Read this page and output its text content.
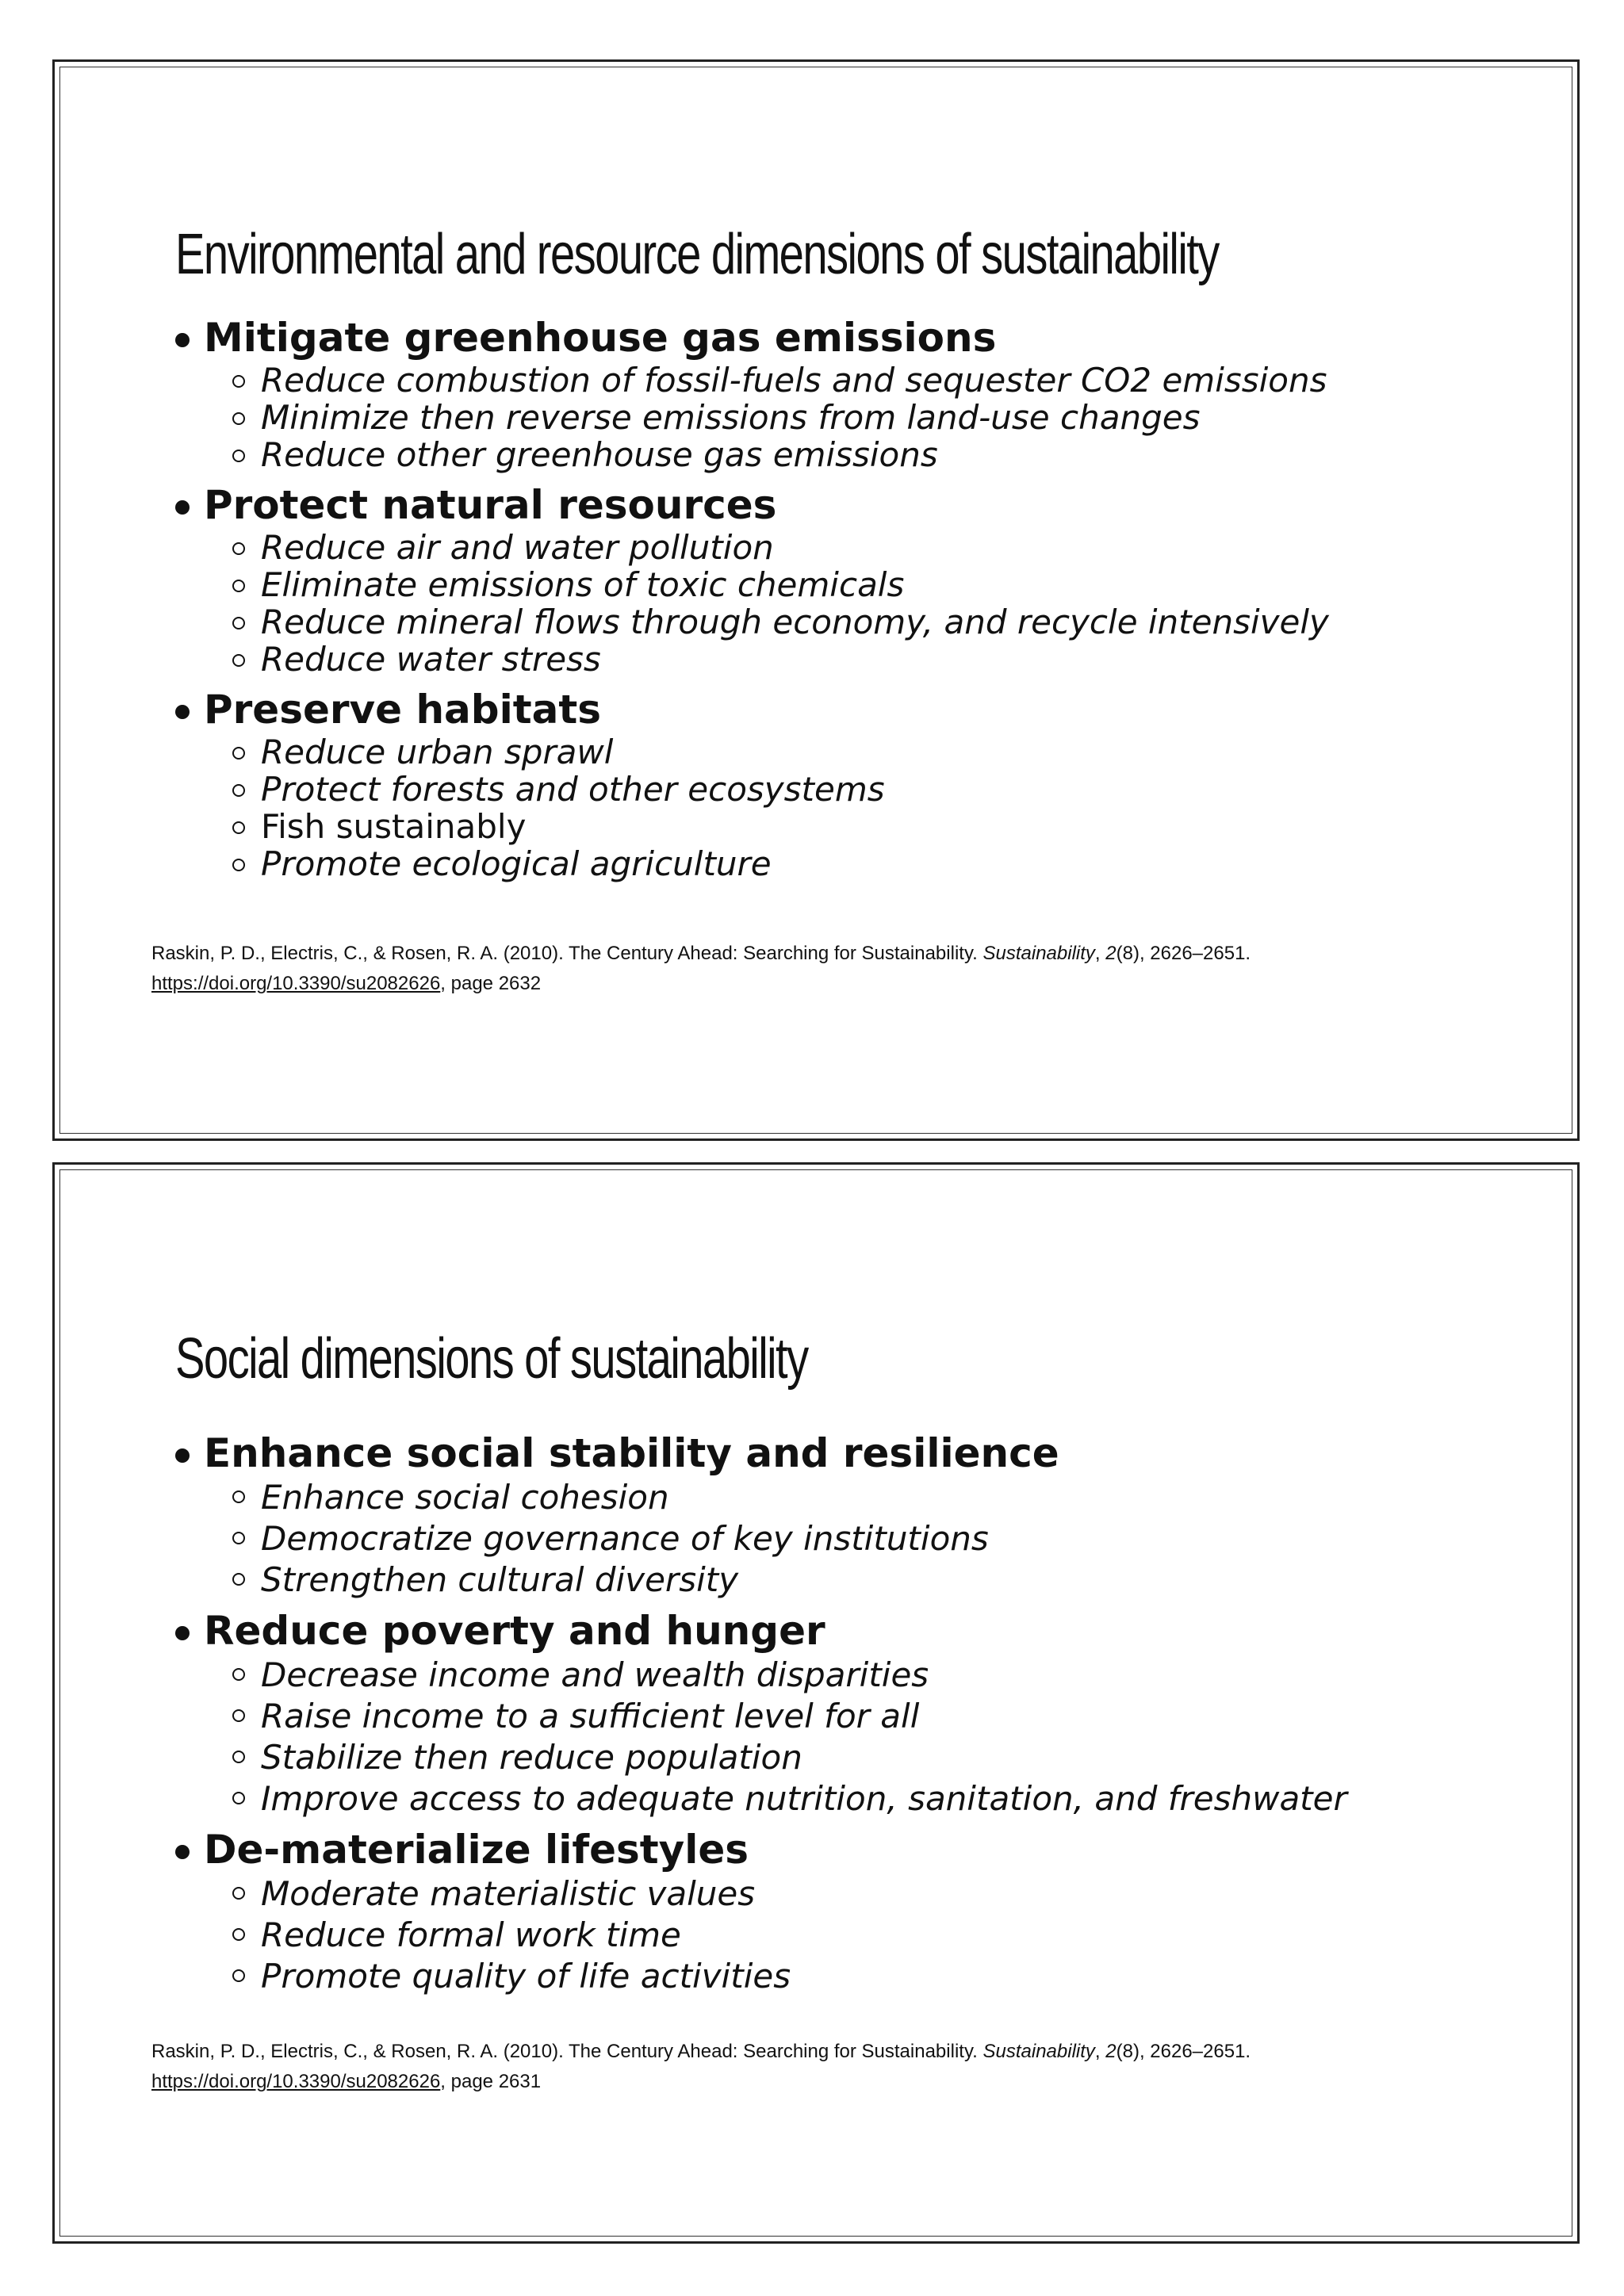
Environmental and resource dimensions of sustainability
Mitigate greenhouse gas emissions
Reduce combustion of fossil-fuels and sequester CO2 emissions
Minimize then reverse emissions from land-use changes
Reduce other greenhouse gas emissions
Protect natural resources
Reduce air and water pollution
Eliminate emissions of toxic chemicals
Reduce mineral flows through economy, and recycle intensively
Reduce water stress
Preserve habitats
Reduce urban sprawl
Protect forests and other ecosystems
Fish sustainably
Promote ecological agriculture
Raskin, P. D., Electris, C., & Rosen, R. A. (2010). The Century Ahead: Searching for Sustainability. Sustainability, 2(8), 2626–2651.
https://doi.org/10.3390/su2082626, page 2632
Social dimensions of sustainability
Enhance social stability and resilience
Enhance social cohesion
Democratize governance of key institutions
Strengthen cultural diversity
Reduce poverty and hunger
Decrease income and wealth disparities
Raise income to a sufficient level for all
Stabilize then reduce population
Improve access to adequate nutrition, sanitation, and freshwater
De-materialize lifestyles
Moderate materialistic values
Reduce formal work time
Promote quality of life activities
Raskin, P. D., Electris, C., & Rosen, R. A. (2010). The Century Ahead: Searching for Sustainability. Sustainability, 2(8), 2626–2651.
https://doi.org/10.3390/su2082626, page 2631
